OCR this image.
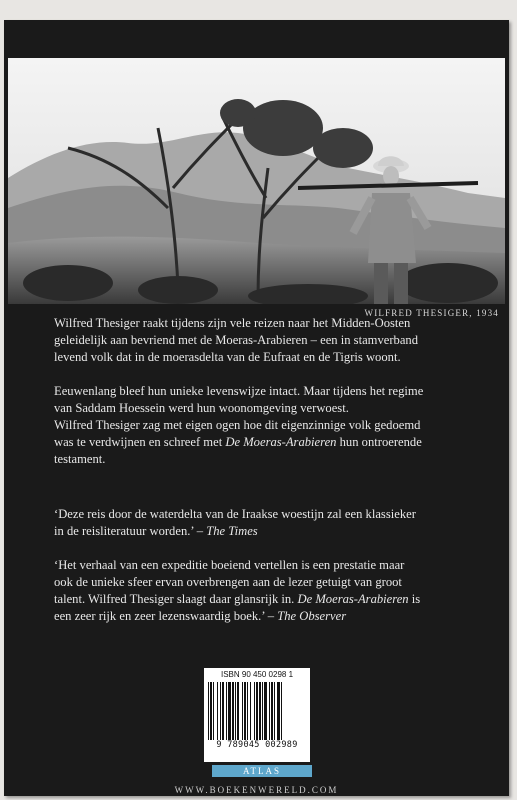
WILFRED THESIGER, 1934
Wilfred Thesiger raakt tijdens zijn vele reizen naar het Midden-Oosten
geleidelijk aan bevriend met de Moeras-Arabieren – een in stamverband
levend volk dat in de moerasdelta van de Eufraat en de Tigris woont.
Eeuwenlang bleef hun unieke levenswijze intact. Maar tijdens het regime
van Saddam Hoessein werd hun woonomgeving verwoest.
Wilfred Thesiger zag met eigen ogen hoe dit eigenzinnige volk gedoemd
was te verdwijnen en schreef met De Moeras-Arabieren hun ontroerende
testament.
‘Deze reis door de waterdelta van de Iraakse woestijn zal een klassieker
in de reisliteratuur worden.’ – The Times
‘Het verhaal van een expeditie boeiend vertellen is een prestatie maar
ook de unieke sfeer ervan overbrengen aan de lezer getuigt van groot
talent. Wilfred Thesiger slaagt daar glansrijk in. De Moeras-Arabieren is
een zeer rijk en zeer lezenswaardig boek.’ – The Observer
ISBN 90 450 0298 1
9 789045 002989
ATLAS
WWW.BOEKENWERELD.COM
